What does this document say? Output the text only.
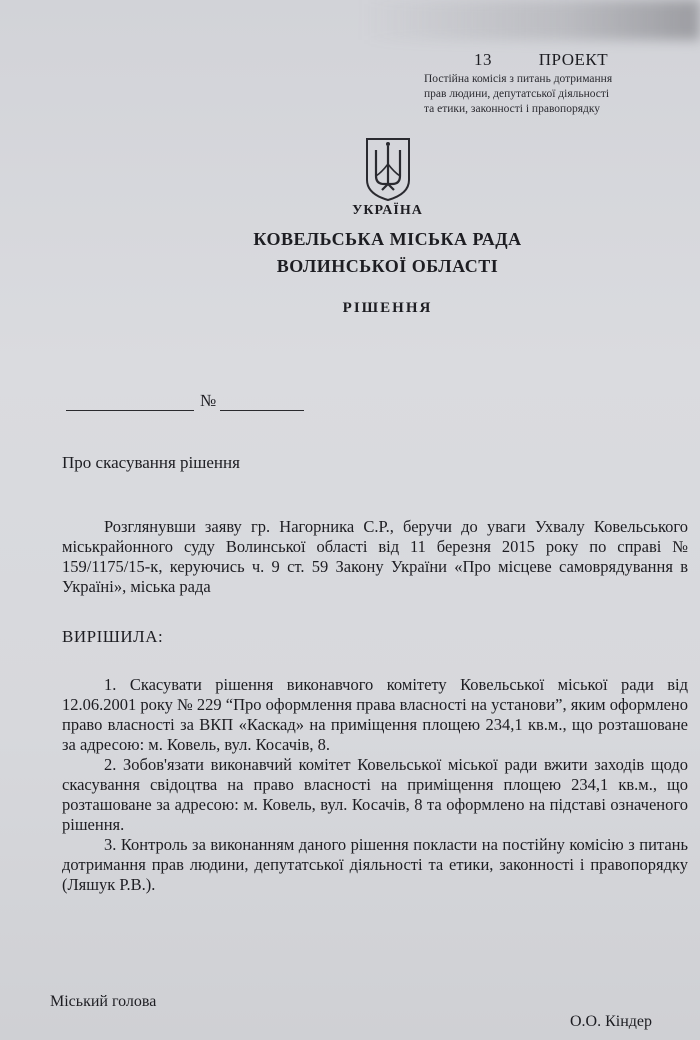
13	ПРОЕКТ
Постійна комісія з питань дотримання
прав людини, депутатської діяльності
та етики, законності і правопорядку
УКРАЇНА
КОВЕЛЬСЬКА МІСЬКА РАДА
ВОЛИНСЬКОЇ ОБЛАСТІ
РІШЕННЯ
№
Про скасування рішення
Розглянувши заяву гр. Нагорника С.Р., беручи до уваги Ухвалу Ковельського міськрайонного суду Волинської області від 11 березня 2015 року по справі № 159/1175/15-к, керуючись ч. 9 ст. 59 Закону України «Про місцеве самоврядування в Україні», міська рада
ВИРІШИЛА:

1. Скасувати рішення виконавчого комітету Ковельської міської ради від 12.06.2001 року № 229 “Про оформлення права власності на установи”, яким оформлено право власності за ВКП «Каскад» на приміщення площею 234,1 кв.м., що розташоване за адресою: м. Ковель, вул. Косачів, 8.

2. Зобов'язати виконавчий комітет Ковельської міської ради вжити заходів щодо скасування свідоцтва на право власності на приміщення площею 234,1 кв.м., що розташоване за адресою: м. Ковель, вул. Косачів, 8 та оформлено на підставі означеного рішення.

3. Контроль за виконанням даного рішення покласти на постійну комісію з питань дотримання прав людини, депутатської діяльності та етики, законності і правопорядку (Ляшук Р.В.).

Міський голова
О.О. Кіндер
